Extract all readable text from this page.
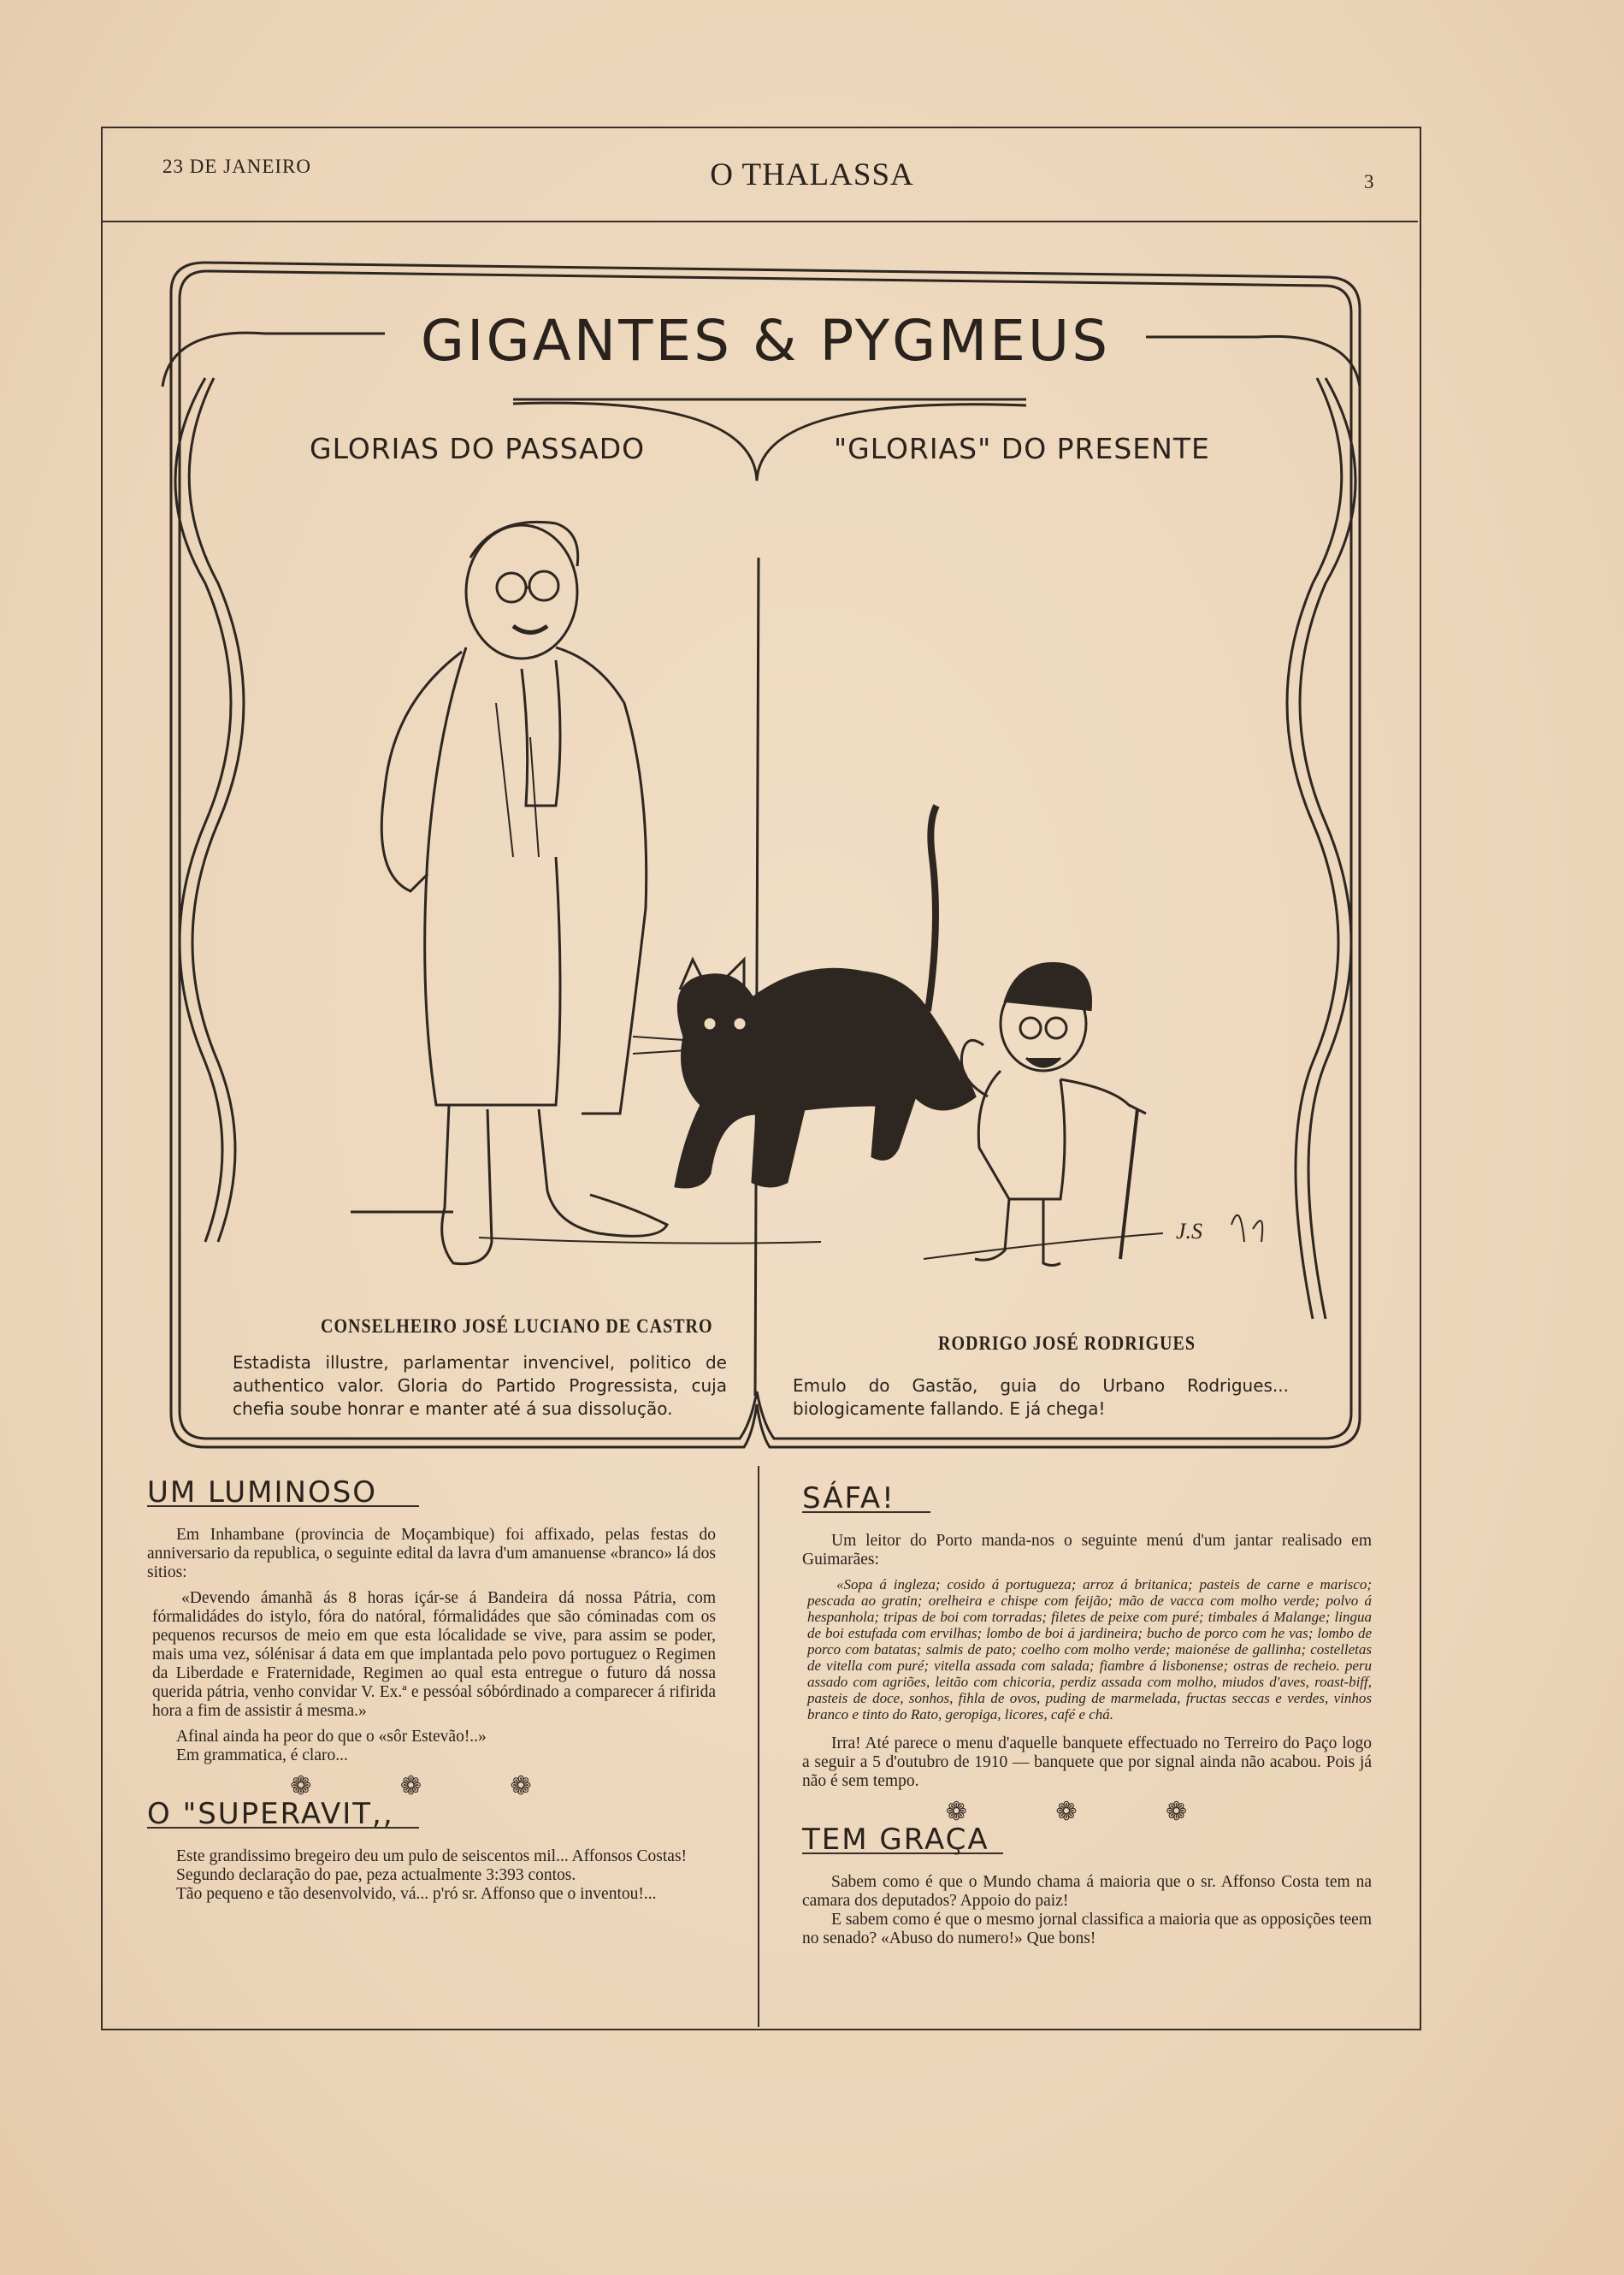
23 DE JANEIRO	O THALASSA	3
GIGANTES & PYGMEUS
GLORIAS DO PASSADO	"GLORIAS" DO PRESENTE
CONSELHEIRO JOSÉ LUCIANO DE CASTRO
Estadista illustre, parlamentar invencivel, politico de authentico valor. Gloria do Partido Progressista, cuja chefia soube honrar e manter até á sua dissolução.
RODRIGO JOSÉ RODRIGUES
Emulo do Gastão, guia do Urbano Rodrigues... biologicamente fallando. E já chega!
J.S
UM LUMINOSO

Em Inhambane (provincia de Moçambique) foi affixado, pelas festas do anniversario da republica, o seguinte edital da lavra d'um amanuense «branco» lá dos sitios:

«Devendo ámanhã ás 8 horas içár-se á Bandeira dá nossa Pátria, com fórmalidádes do istylo, fóra do natóral, fórmalidádes que são cóminadas com os pequenos recursos de meio em que esta lócalidade se vive, para assim se poder, mais uma vez, sólénisar á data em que implantada pelo povo portuguez o Regimen da Liberdade e Fraternidade, Regimen ao qual esta entregue o futuro dá nossa querida pátria, venho convidar V. Ex.ª e pessóal sóbórdinado a comparecer á rifirida hora a fim de assistir á mesma.»

Afinal ainda ha peor do que o «sôr Estevão!..»

Em grammatica, é claro...

❁ ❁ ❁
O "SUPERAVIT,,

Este grandissimo bregeiro deu um pulo de seiscentos mil... Affonsos Costas!

Segundo declaração do pae, peza actualmente 3:393 contos.

Tão pequeno e tão desenvolvido, vá... p'ró sr. Affonso que o inventou!...

SÁFA!

Um leitor do Porto manda-nos o seguinte menú d'um jantar realisado em Guimarães:

«Sopa á ingleza; cosido á portugueza; arroz á britanica; pasteis de carne e marisco; pescada ao gratin; orelheira e chispe com feijão; mão de vacca com molho verde; polvo á hespanhola; tripas de boi com torradas; filetes de peixe com puré; timbales á Malange; lingua de boi estufada com ervilhas; lombo de boi á jardineira; bucho de porco com he vas; lombo de porco com batatas; salmis de pato; coelho com molho verde; maionése de gallinha; costelletas de vitella com puré; vitella assada com salada; fiambre á lisbonense; ostras de recheio. peru assado com agriões, leitão com chicoria, perdiz assada com molho, miudos d'aves, roast-biff, pasteis de doce, sonhos, fihla de ovos, puding de marmelada, fructas seccas e verdes, vinhos branco e tinto do Rato, geropiga, licores, café e chá.

Irra! Até parece o menu d'aquelle banquete effectuado no Terreiro do Paço logo a seguir a 5 d'outubro de 1910 — banquete que por signal ainda não acabou. Pois já não é sem tempo.

❁ ❁ ❁
TEM GRAÇA

Sabem como é que o Mundo chama á maioria que o sr. Affonso Costa tem na camara dos deputados? Appoio do paiz!

E sabem como é que o mesmo jornal classifica a maioria que as opposições teem no senado? «Abuso do numero!» Que bons!
